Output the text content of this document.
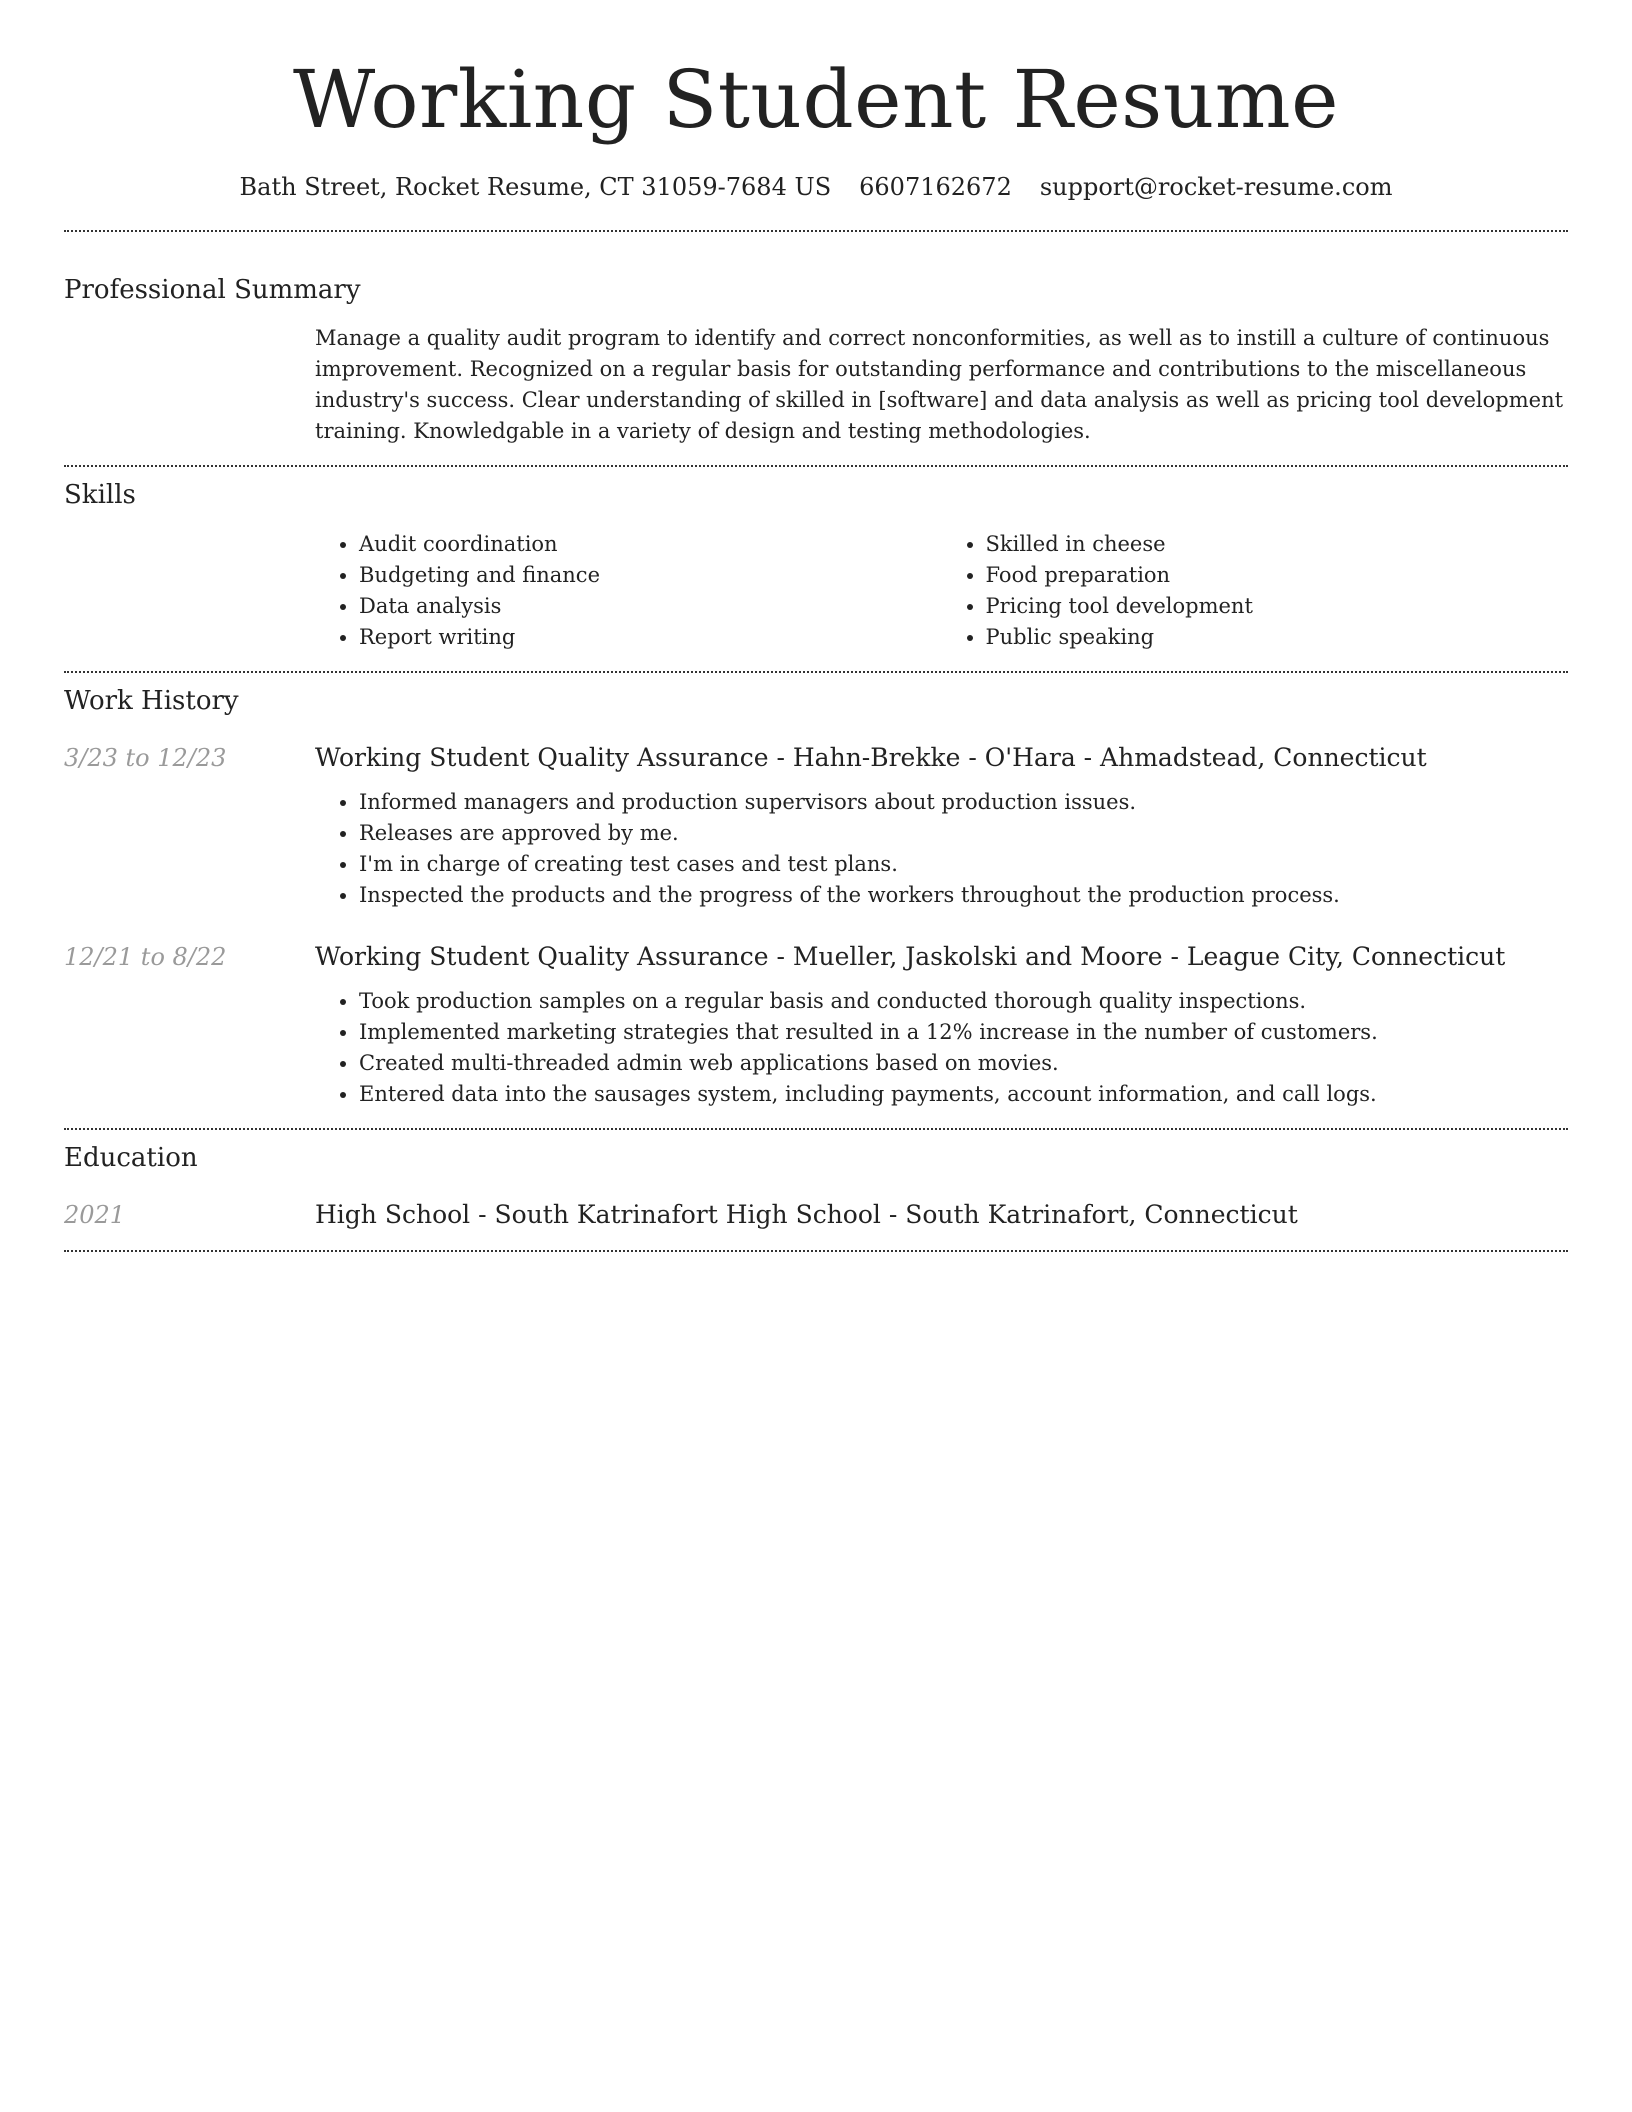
Working Student Resume
Bath Street, Rocket Resume, CT 31059-7684 US 6607162672 support@rocket-resume.com
Professional Summary

Manage a quality audit program to identify and correct nonconformities, as well as to instill a culture of continuous improvement. Recognized on a regular basis for outstanding performance and contributions to the miscellaneous industry's success. Clear understanding of skilled in [software] and data analysis as well as pricing tool development training. Knowledgable in a variety of design and testing methodologies.

Skills
• Audit coordination
• Budgeting and finance
• Data analysis
• Report writing
• Skilled in cheese
• Food preparation
• Pricing tool development
• Public speaking
Work History
3/23 to 12/23	Working Student Quality Assurance - Hahn-Brekke - O'Hara - Ahmadstead, Connecticut
• Informed managers and production supervisors about production issues.
• Releases are approved by me.
• I'm in charge of creating test cases and test plans.
• Inspected the products and the progress of the workers throughout the production process.
12/21 to 8/22	Working Student Quality Assurance - Mueller, Jaskolski and Moore - League City, Connecticut
• Took production samples on a regular basis and conducted thorough quality inspections.
• Implemented marketing strategies that resulted in a 12% increase in the number of customers.
• Created multi-threaded admin web applications based on movies.
• Entered data into the sausages system, including payments, account information, and call logs.
Education
2021	High School - South Katrinafort High School - South Katrinafort, Connecticut
